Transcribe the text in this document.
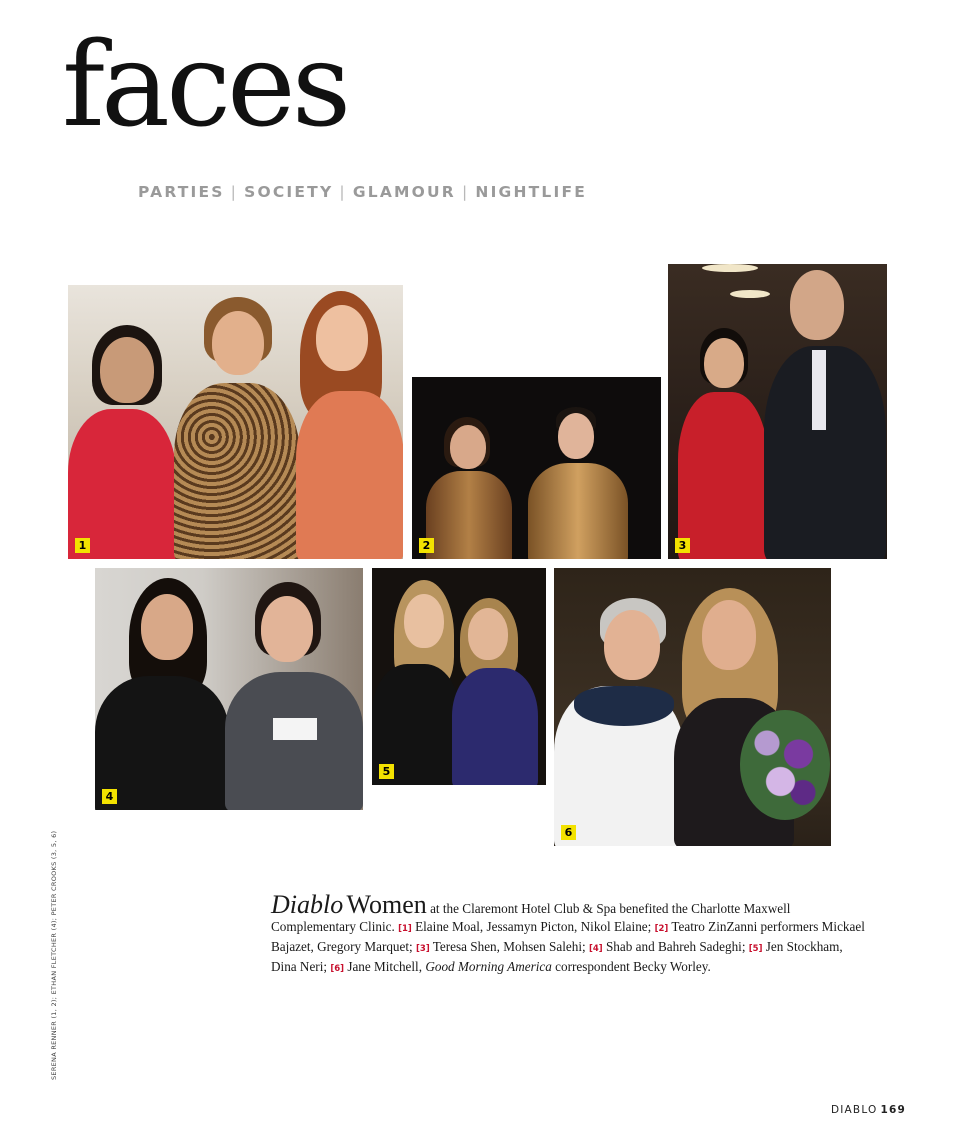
faces
PARTIES | SOCIETY | GLAMOUR | NIGHTLIFE
1	2	3
4
5
6
SERENA RENNER (1, 2); ETHAN FLETCHER (4); PETER CROOKS (3, 5, 6)	Diablo Women at the Claremont Hotel Club & Spa benefited the Charlotte Maxwell Complementary Clinic. [1] Elaine Moal, Jessamyn Picton, Nikol Elaine; [2] Teatro ZinZanni performers Mickael Bajazet, Gregory Marquet; [3] Teresa Shen, Mohsen Salehi; [4] Shab and Bahreh Sadeghi; [5] Jen Stockham, Dina Neri; [6] Jane Mitchell, Good Morning America correspondent Becky Worley.
DIABLO 169
